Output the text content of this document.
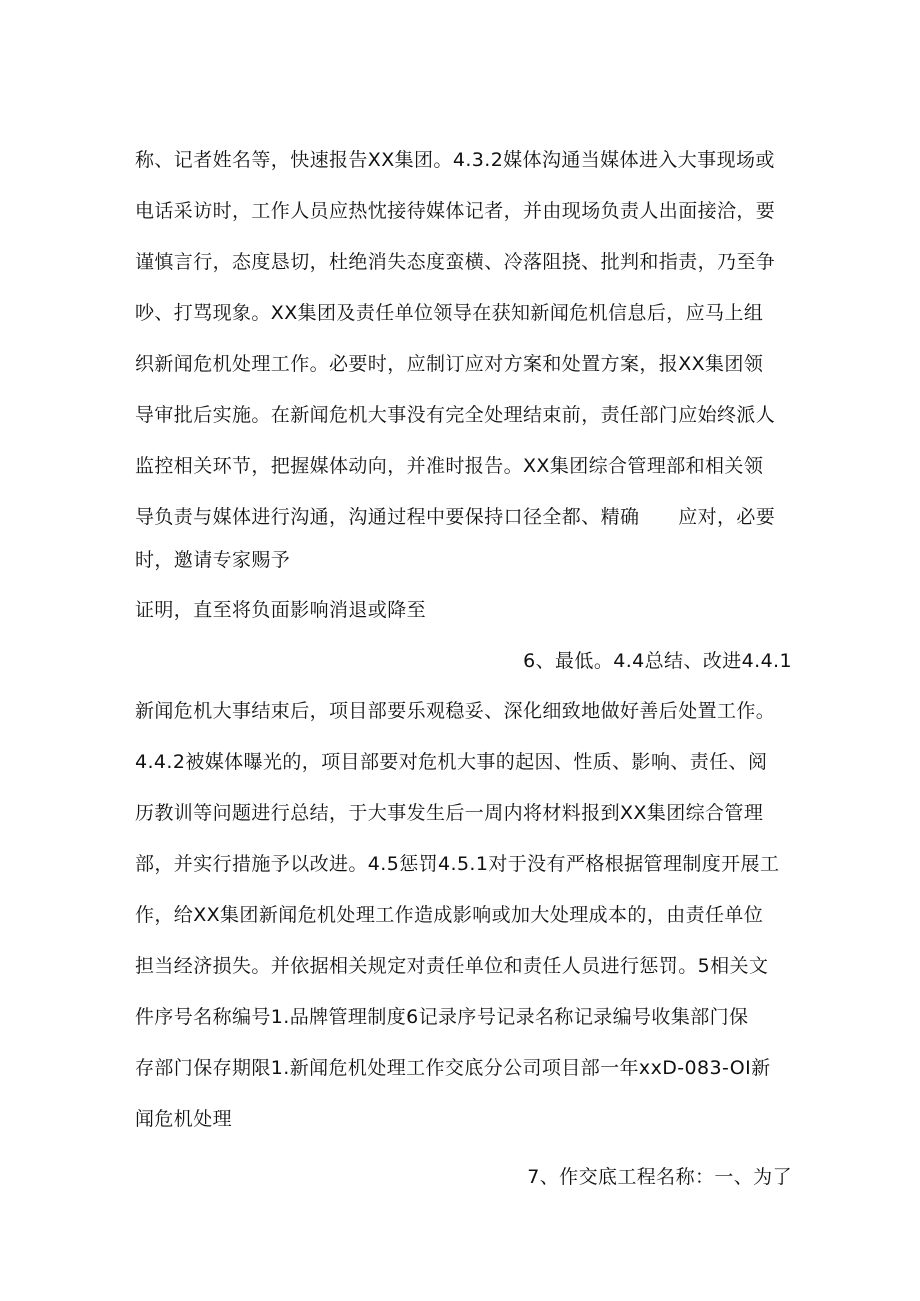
称、记者姓名等，快速报告XX集团。4.3.2媒体沟通当媒体进入大事现场或
电话采访时，工作人员应热忱接待媒体记者，并由现场负责人出面接洽，要
谨慎言行，态度恳切，杜绝消失态度蛮横、冷落阻挠、批判和指责，乃至争
吵、打骂现象。XX集团及责任单位领导在获知新闻危机信息后，应马上组
织新闻危机处理工作。必要时，应制订应对方案和处置方案，报XX集团领
导审批后实施。在新闻危机大事没有完全处理结束前，责任部门应始终派人
监控相关环节，把握媒体动向，并准时报告。XX集团综合管理部和相关领
导负责与媒体进行沟通，沟通过程中要保持口径全都、精确　　应对，必要
时，邀请专家赐予
证明，直至将负面影响消退或降至
6、最低。4.4总结、改进4.4.1
新闻危机大事结束后，项目部要乐观稳妥、深化细致地做好善后处置工作。
4.4.2被媒体曝光的，项目部要对危机大事的起因、性质、影响、责任、阅
历教训等问题进行总结，于大事发生后一周内将材料报到XX集团综合管理
部，并实行措施予以改进。4.5惩罚4.5.1对于没有严格根据管理制度开展工
作，给XX集团新闻危机处理工作造成影响或加大处理成本的，由责任单位
担当经济损失。并依据相关规定对责任单位和责任人员进行惩罚。5相关文
件序号名称编号1.品牌管理制度6记录序号记录名称记录编号收集部门保
存部门保存期限1.新闻危机处理工作交底分公司项目部一年xxD-083-OI新
闻危机处理
7、作交底工程名称：一、为了
